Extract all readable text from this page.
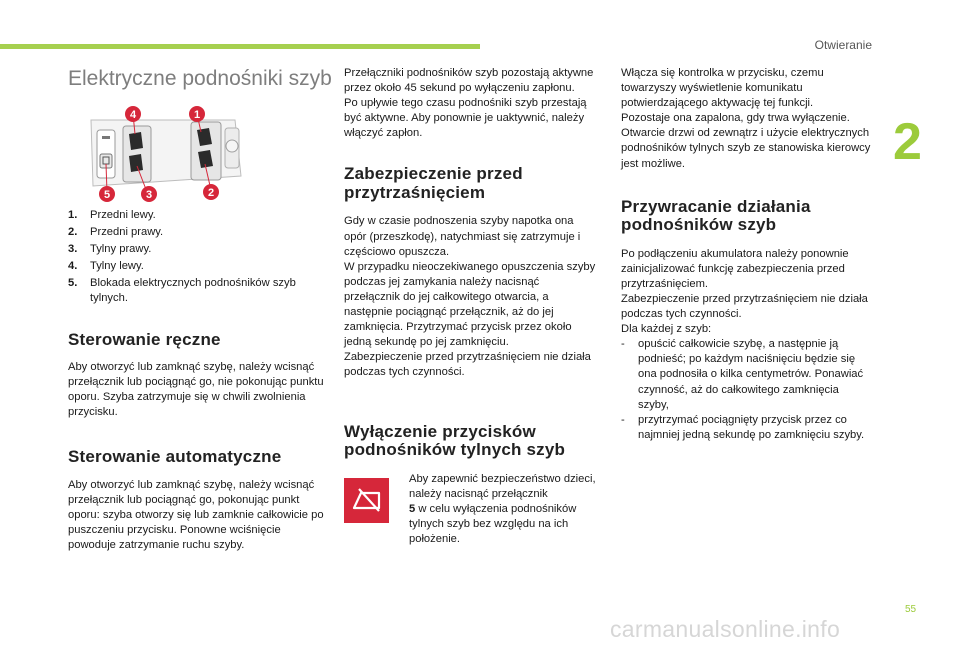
Otwieranie
2
55
carmanualsonline.info
Elektryczne podnośniki szyb
4	1
5	3	2
1. Przedni lewy.
2. Przedni prawy.
3. Tylny prawy.
4. Tylny lewy.
5. Blokada elektrycznych podnośników szyb tylnych.
Sterowanie ręczne

Aby otworzyć lub zamknąć szybę, należy wcisnąć przełącznik lub pociągnąć go, nie pokonując punktu oporu. Szyba zatrzymuje się w chwili zwolnienia przycisku.

Sterowanie automatyczne

Aby otworzyć lub zamknąć szybę, należy wcisnąć przełącznik lub pociągnąć go, pokonując punkt oporu: szyba otworzy się lub zamknie całkowicie po puszczeniu przycisku. Ponowne wciśnięcie powoduje zatrzymanie ruchu szyby.

Przełączniki podnośników szyb pozostają aktywne przez około 45 sekund po wyłączeniu zapłonu.

Po upływie tego czasu podnośniki szyb przestają być aktywne. Aby ponownie je uaktywnić, należy włączyć zapłon.

Zabezpieczenie przed przytrzaśnięciem

Gdy w czasie podnoszenia szyby napotka ona opór (przeszkodę), natychmiast się zatrzymuje i częściowo opuszcza.

W przypadku nieoczekiwanego opuszczenia szyby podczas jej zamykania należy nacisnąć przełącznik do jej całkowitego otwarcia, a następnie pociągnąć przełącznik, aż do jej zamknięcia. Przytrzymać przycisk przez około jedną sekundę po jej zamknięciu.

Zabezpieczenie przed przytrzaśnięciem nie działa podczas tych czynności.

Wyłączenie przycisków podnośników tylnych szyb

Aby zapewnić bezpieczeństwo dzieci, należy nacisnąć przełącznik
5 w celu wyłączenia podnośników tylnych szyb bez względu na ich położenie.

Włącza się kontrolka w przycisku, czemu towarzyszy wyświetlenie komunikatu potwierdzającego aktywację tej funkcji.

Pozostaje ona zapalona, gdy trwa wyłączenie. Otwarcie drzwi od zewnątrz i użycie elektrycznych podnośników tylnych szyb ze stanowiska kierowcy jest możliwe.

Przywracanie działania podnośników szyb

Po podłączeniu akumulatora należy ponownie zainicjalizować funkcję zabezpieczenia przed przytrzaśnięciem.

Zabezpieczenie przed przytrzaśnięciem nie działa podczas tych czynności.

Dla każdej z szyb:

- opuścić całkowicie szybę, a następnie ją podnieść; po każdym naciśnięciu będzie się ona podnosiła o kilka centymetrów. Ponawiać czynność, aż do całkowitego zamknięcia szyby,
- przytrzymać pociągnięty przycisk przez co najmniej jedną sekundę po zamknięciu szyby.
